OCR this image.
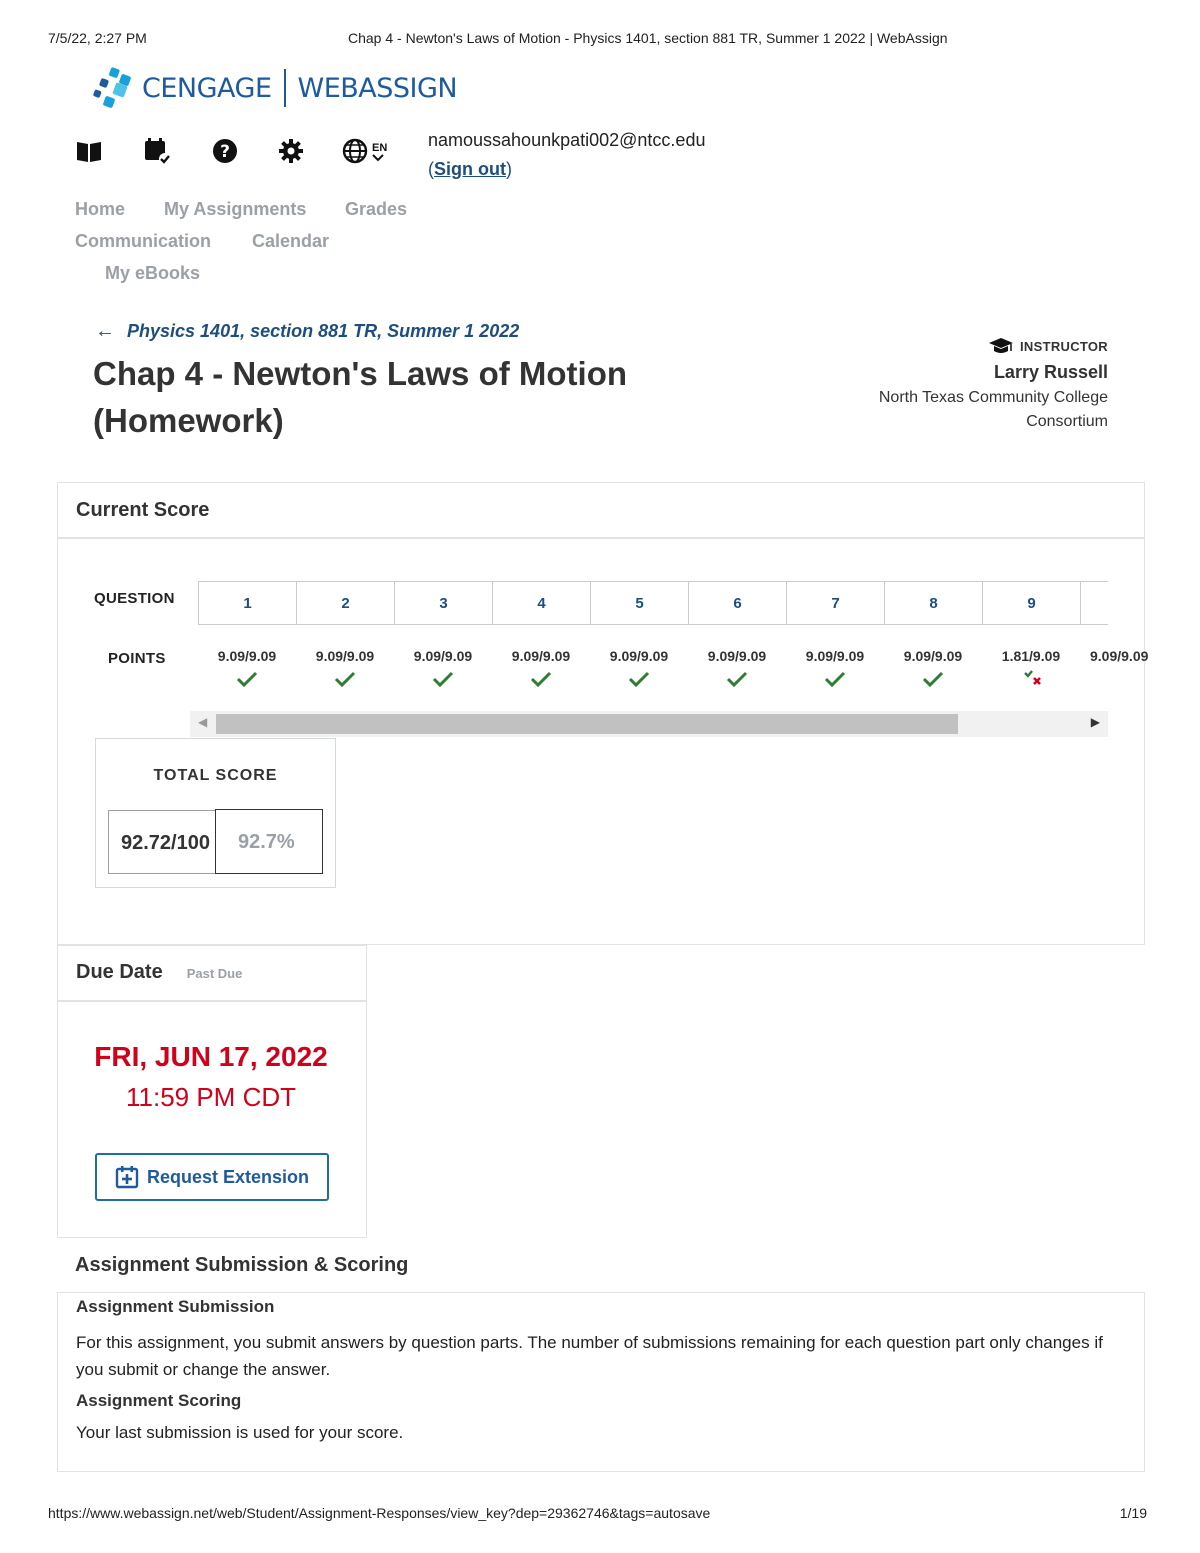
7/5/22, 2:27 PM	Chap 4 - Newton's Laws of Motion - Physics 1401, section 881 TR, Summer 1 2022 | WebAssign
CENGAGE WEBASSIGN
?	EN namoussahounkpati002@ntcc.edu
(Sign out)
Home My Assignments Grades
Communication Calendar
My eBooks
← Physics 1401, section 881 TR, Summer 1 2022
Chap 4 - Newton's Laws of Motion (Homework)
INSTRUCTOR
Larry Russell
North Texas Community College Consortium
Current Score
QUESTION
POINTS
1	2	3	4	5	6	7	8	9
9.09/9.09	9.09/9.09	9.09/9.09	9.09/9.09	9.09/9.09	9.09/9.09	9.09/9.09	9.09/9.09	1.81/9.09	9.09/9.09
◀	▶
TOTAL SCORE
92.72/100	92.7%
Due Date Past Due
FRI, JUN 17, 2022
11:59 PM CDT
Request Extension
Assignment Submission & Scoring
Assignment Submission
For this assignment, you submit answers by question parts. The number of submissions remaining for each question part only changes if you submit or change the answer.
Assignment Scoring
Your last submission is used for your score.
https://www.webassign.net/web/Student/Assignment-Responses/view_key?dep=29362746&tags=autosave	1/19
